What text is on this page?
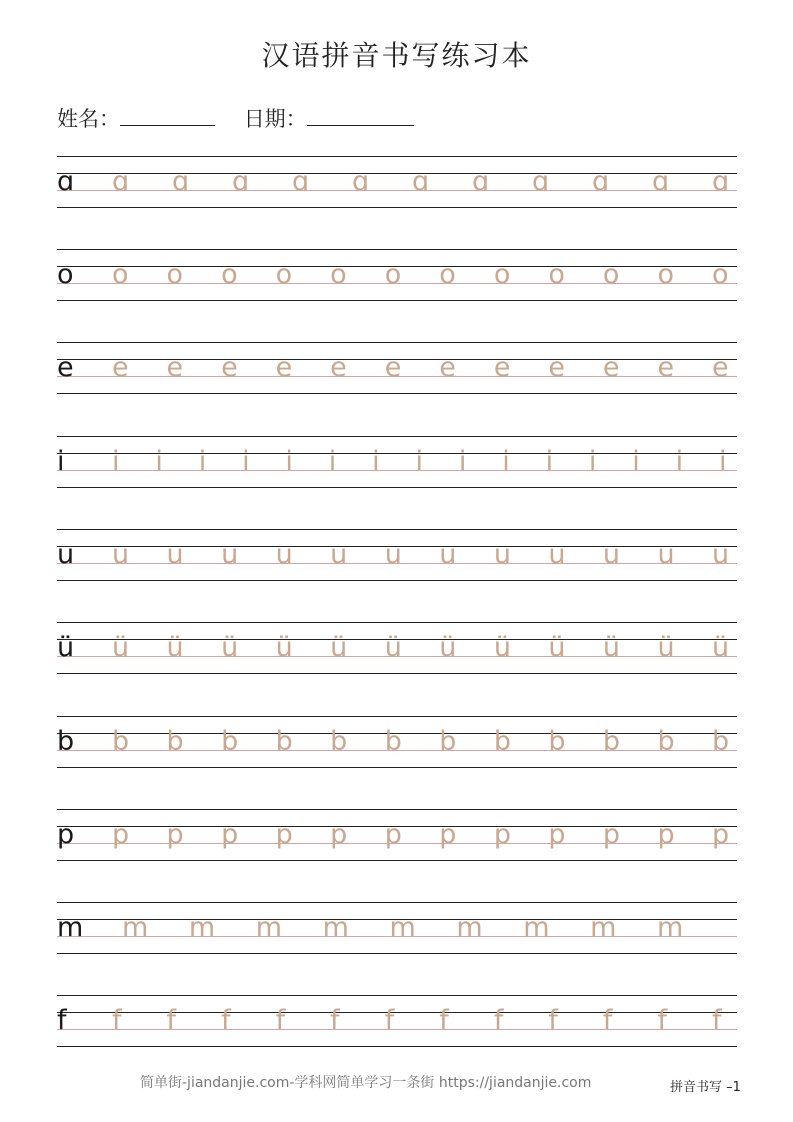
汉语拼音书写练习本
姓名：	日期：
ɑ ɑ ɑ ɑ ɑ ɑ ɑ ɑ ɑ ɑ ɑ ɑ
o o o o o o o o o o o o o
e e e e e e e e e e e e e
i i i i i i i i i i i i i i i i
u u u u u u u u u u u u u
ü ü ü ü ü ü ü ü ü ü ü ü ü
b b b b b b b b b b b b b
p p p p p p p p p p p p p
m m m m m m m m m m
f f f f f f f f f f f f f
简单街-jiandanjie.com-学科网简单学习一条街 https://jiandanjie.com	拼音书写 –1
